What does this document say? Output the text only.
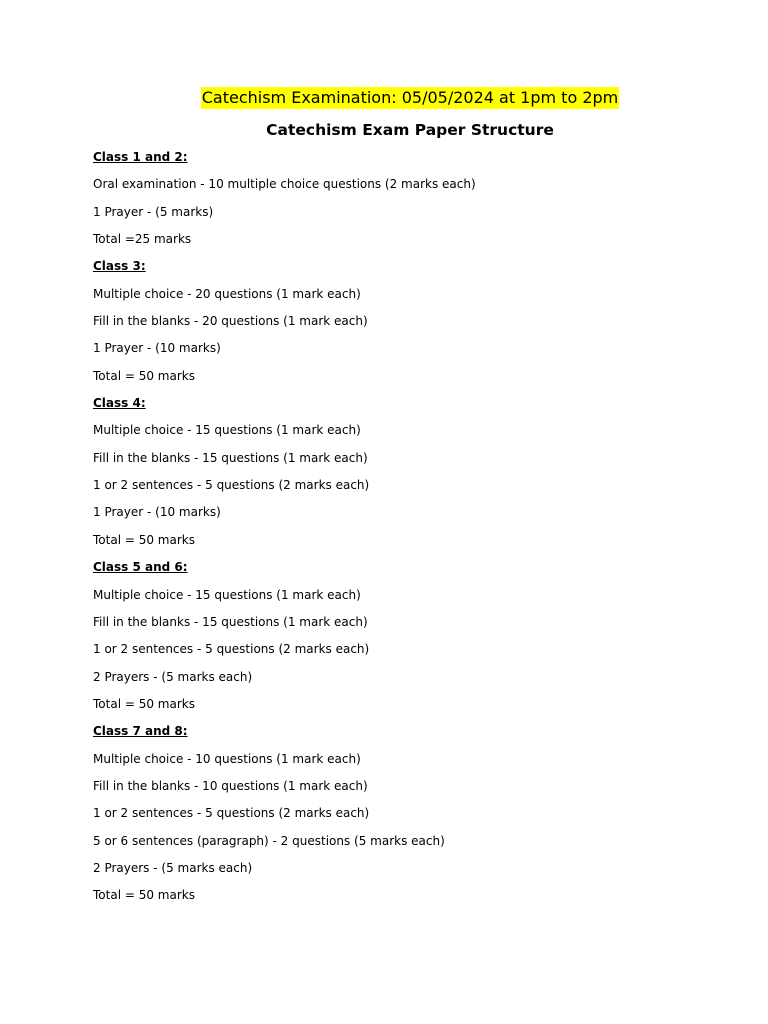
Catechism Examination: 05/05/2024 at 1pm to 2pm
Catechism Exam Paper Structure
Class 1 and 2:
Oral examination - 10 multiple choice questions (2 marks each)
1 Prayer - (5 marks)
Total =25 marks
Class 3:
Multiple choice - 20 questions (1 mark each)
Fill in the blanks - 20 questions (1 mark each)
1 Prayer - (10 marks)
Total = 50 marks
Class 4:
Multiple choice - 15 questions (1 mark each)
Fill in the blanks - 15 questions (1 mark each)
1 or 2 sentences - 5 questions (2 marks each)
1 Prayer - (10 marks)
Total = 50 marks
Class 5 and 6:
Multiple choice - 15 questions (1 mark each)
Fill in the blanks - 15 questions (1 mark each)
1 or 2 sentences - 5 questions (2 marks each)
2 Prayers - (5 marks each)
Total = 50 marks
Class 7 and 8:
Multiple choice - 10 questions (1 mark each)
Fill in the blanks - 10 questions (1 mark each)
1 or 2 sentences - 5 questions (2 marks each)
5 or 6 sentences (paragraph) - 2 questions (5 marks each)
2 Prayers - (5 marks each)
Total = 50 marks
